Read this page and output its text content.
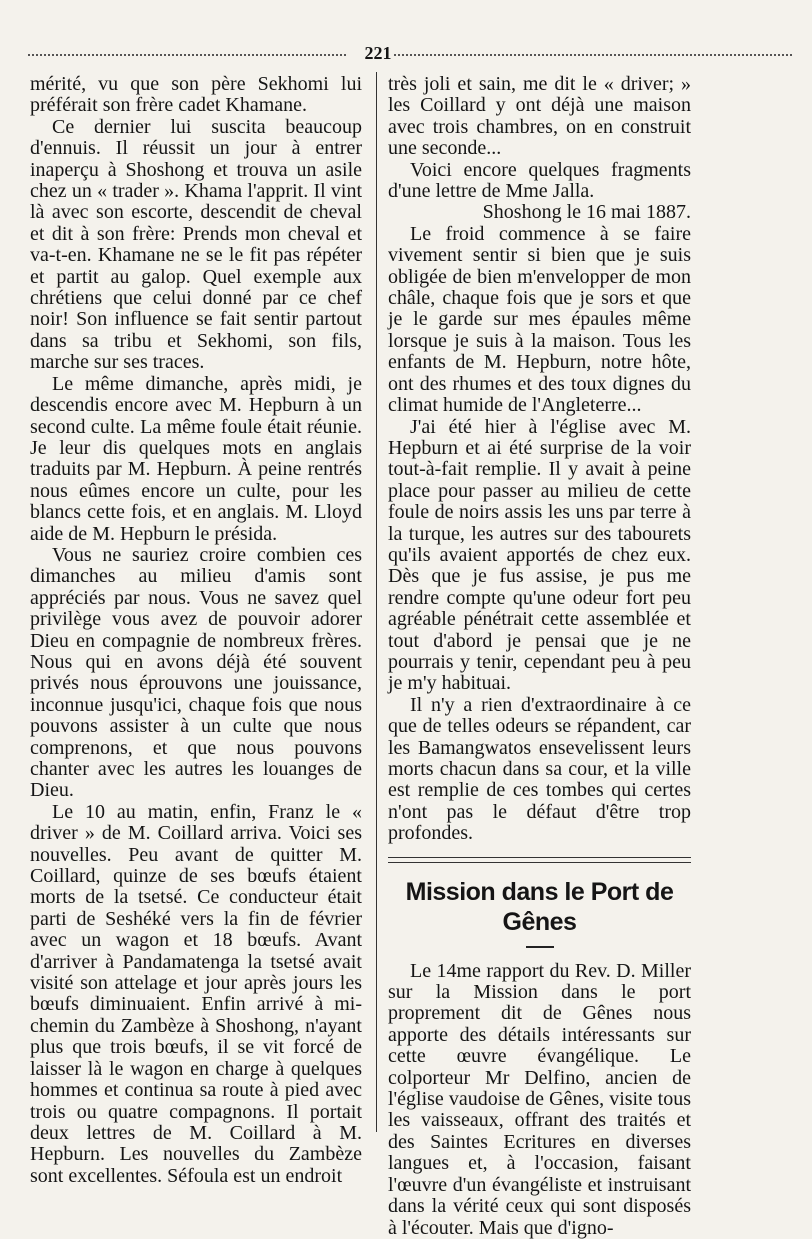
221

mérité, vu que son père Sekhomi lui préférait son frère cadet Khamane.

Ce dernier lui suscita beaucoup d'ennuis. Il réussit un jour à entrer inaperçu à Shoshong et trouva un asile chez un « trader ». Khama l'apprit. Il vint là avec son escorte, descendit de cheval et dit à son frère: Prends mon cheval et va-t-en. Khamane ne se le fit pas répéter et partit au galop. Quel exemple aux chrétiens que celui donné par ce chef noir! Son influence se fait sentir partout dans sa tribu et Sekhomi, son fils, marche sur ses traces.

Le même dimanche, après midi, je descendis encore avec M. Hepburn à un second culte. La même foule était réunie. Je leur dis quelques mots en anglais traduits par M. Hepburn. À peine rentrés nous eûmes encore un culte, pour les blancs cette fois, et en anglais. M. Lloyd aide de M. Hepburn le présida.

Vous ne sauriez croire combien ces dimanches au milieu d'amis sont appréciés par nous. Vous ne savez quel privilège vous avez de pouvoir adorer Dieu en compagnie de nombreux frères. Nous qui en avons déjà été souvent privés nous éprouvons une jouissance, inconnue jusqu'ici, chaque fois que nous pouvons assister à un culte que nous comprenons, et que nous pouvons chanter avec les autres les louanges de Dieu.

Le 10 au matin, enfin, Franz le « driver » de M. Coillard arriva. Voici ses nouvelles. Peu avant de quitter M. Coillard, quinze de ses bœufs étaient morts de la tsetsé. Ce conducteur était parti de Seshéké vers la fin de février avec un wagon et 18 bœufs. Avant d'arriver à Pandamatenga la tsetsé avait visité son attelage et jour après jours les bœufs diminuaient. Enfin arrivé à mi-chemin du Zambèze à Shoshong, n'ayant plus que trois bœufs, il se vit forcé de laisser là le wagon en charge à quelques hommes et continua sa route à pied avec trois ou quatre compagnons. Il portait deux lettres de M. Coillard à M. Hepburn. Les nouvelles du Zambèze sont excellentes. Séfoula est un endroit

très joli et sain, me dit le « driver; » les Coillard y ont déjà une maison avec trois chambres, on en construit une seconde...

Voici encore quelques fragments d'une lettre de Mme Jalla.

Shoshong le 16 mai 1887.

Le froid commence à se faire vivement sentir si bien que je suis obligée de bien m'envelopper de mon châle, chaque fois que je sors et que je le garde sur mes épaules même lorsque je suis à la maison. Tous les enfants de M. Hepburn, notre hôte, ont des rhumes et des toux dignes du climat humide de l'Angleterre...

J'ai été hier à l'église avec M. Hepburn et ai été surprise de la voir tout-à-fait remplie. Il y avait à peine place pour passer au milieu de cette foule de noirs assis les uns par terre à la turque, les autres sur des tabourets qu'ils avaient apportés de chez eux. Dès que je fus assise, je pus me rendre compte qu'une odeur fort peu agréable pénétrait cette assemblée et tout d'abord je pensai que je ne pourrais y tenir, cependant peu à peu je m'y habituai.

Il n'y a rien d'extraordinaire à ce que de telles odeurs se répandent, car les Bamangwatos ensevelissent leurs morts chacun dans sa cour, et la ville est remplie de ces tombes qui certes n'ont pas le défaut d'être trop profondes.

Mission dans le Port de Gênes

Le 14me rapport du Rev. D. Miller sur la Mission dans le port proprement dit de Gênes nous apporte des détails intéressants sur cette œuvre évangélique. Le colporteur Mr Delfino, ancien de l'église vaudoise de Gênes, visite tous les vaisseaux, offrant des traités et des Saintes Ecritures en diverses langues et, à l'occasion, faisant l'œuvre d'un évangéliste et instruisant dans la vérité ceux qui sont disposés à l'écouter. Mais que d'igno-
